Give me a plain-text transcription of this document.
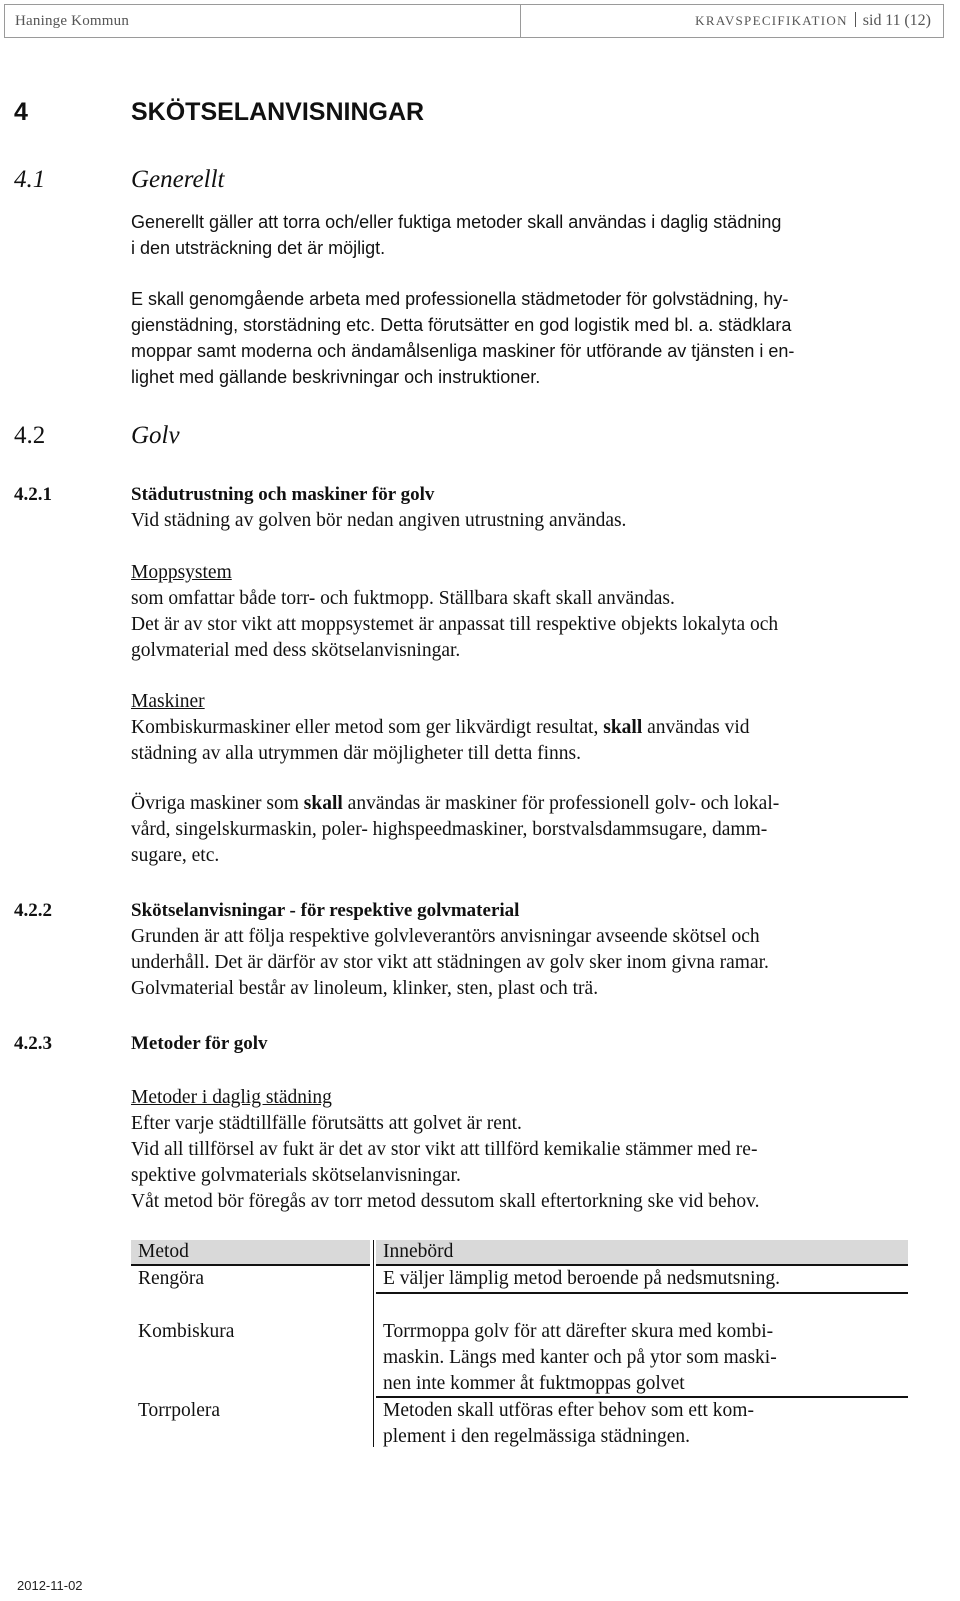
Haninge Kommun	KRAVSPECIFIKATION sid 11 (12)
4	SKÖTSELANVISNINGAR
4.1	Generellt
Generellt gäller att torra och/eller fuktiga metoder skall användas i daglig städning
i den utsträckning det är möjligt.
E skall genomgående arbeta med professionella städmetoder för golvstädning, hy-
gienstädning, storstädning etc. Detta förutsätter en god logistik med bl. a. städklara
moppar samt moderna och ändamålsenliga maskiner för utförande av tjänsten i en-
lighet med gällande beskrivningar och instruktioner.
4.2	Golv
4.2.1	Städutrustning och maskiner för golv
Vid städning av golven bör nedan angiven utrustning användas.
Moppsystem
som omfattar både torr- och fuktmopp. Ställbara skaft skall användas.
Det är av stor vikt att moppsystemet är anpassat till respektive objekts lokalyta och
golvmaterial med dess skötselanvisningar.
Maskiner
Kombiskurmaskiner eller metod som ger likvärdigt resultat, skall användas vid
städning av alla utrymmen där möjligheter till detta finns.
Övriga maskiner som skall användas är maskiner för professionell golv- och lokal-
vård, singelskurmaskin, poler- highspeedmaskiner, borstvalsdammsugare, damm-
sugare, etc.
4.2.2	Skötselanvisningar - för respektive golvmaterial
Grunden är att följa respektive golvleverantörs anvisningar avseende skötsel och
underhåll. Det är därför av stor vikt att städningen av golv sker inom givna ramar.
Golvmaterial består av linoleum, klinker, sten, plast och trä.
4.2.3	Metoder för golv
Metoder i daglig städning
Efter varje städtillfälle förutsätts att golvet är rent.
Vid all tillförsel av fukt är det av stor vikt att tillförd kemikalie stämmer med re-
spektive golvmaterials skötselanvisningar.
Våt metod bör föregås av torr metod dessutom skall eftertorkning ske vid behov.
Metod	Innebörd
Rengöra	E väljer lämplig metod beroende på nedsmutsning.
Kombiskura	Torrmoppa golv för att därefter skura med kombi-
maskin. Längs med kanter och på ytor som maski-
nen inte kommer åt fuktmoppas golvet
Torrpolera	Metoden skall utföras efter behov som ett kom-
plement i den regelmässiga städningen.
2012-11-02
